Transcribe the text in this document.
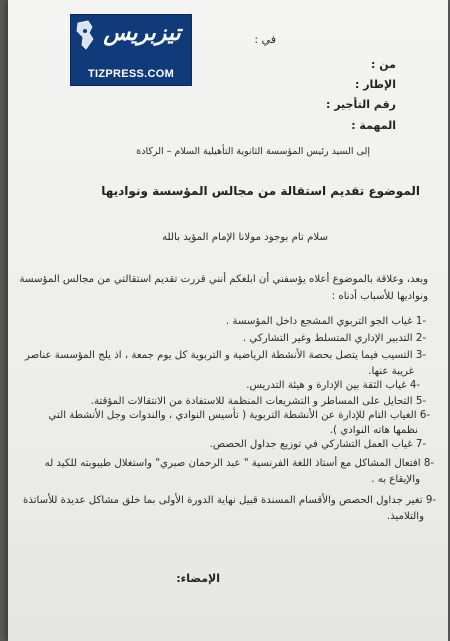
تيزبريس
TIZPRESS.COM
في :
من :
الإطار :
رقم التأجير :
المهمة :
إلى السيد رئيس المؤسسة الثانوية التأهيلية السلام – الركادة
الموضوع تقديم استقالة من مجالس المؤسسة ونواديها
سلام تام بوجود مولانا الإمام المؤيد بالله
وبعد، وعلاقة بالموضوع أعلاه يؤسفني أن ابلغكم أنني قررت تقديم استقالتي من مجالس المؤسسة
ونواديها للأسباب أدناه :
-1 غياب الجو التربوي المشجع داخل المؤسسة .
-2 التدبير الإداري المتسلط وغير التشاركي .
-3 التسيب فيما يتصل بحصة الأنشطة الرياضية و التربوية كل يوم جمعة ، اذ يلج المؤسسة عناصر
غريبة عنها.
-4 غياب الثقة بين الإدارة و هيئة التدريس.
-5 التحايل على المساطر و التشريعات المنظمة للاستفادة من الانتقالات المؤقتة.
-6 الغياب التام للإدارة عن الأنشطة التربوية ( تأسيس النوادي ، والندوات وجل الأنشطة التي
نظمها هاته النوادي ).
-7 غياب العمل التشاركي في توزيع جداول الحصص.
-8 افتعال المشاكل مع أستاذ اللغة الفرنسية " عبد الرحمان صبري" واستغلال طيبوبته للكيد له
والإيقاع به .
-9 تغير جداول الحصص والأقسام المسندة قبيل نهاية الدورة الأولى بما خلق مشاكل عديدة للأساتذة
والتلاميذ.
الإمضاء:
